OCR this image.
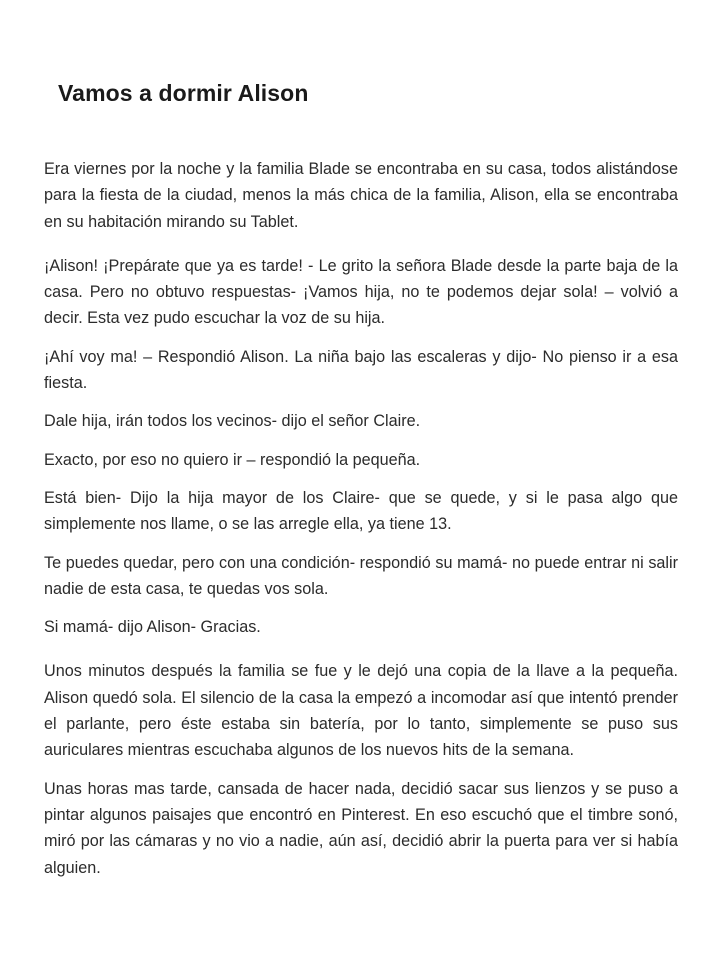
Vamos a dormir Alison

Era viernes por la noche y la familia Blade se encontraba en su casa, todos alistándose para la fiesta de la ciudad, menos la más chica de la familia, Alison, ella se encontraba en su habitación mirando su Tablet.

¡Alison! ¡Prepárate que ya es tarde! - Le grito la señora Blade desde la parte baja de la casa. Pero no obtuvo respuestas- ¡Vamos hija, no te podemos dejar sola! – volvió a decir. Esta vez pudo escuchar la voz de su hija.

¡Ahí voy ma! – Respondió Alison. La niña bajo las escaleras y dijo- No pienso ir a esa fiesta.

Dale hija, irán todos los vecinos- dijo el señor Claire.

Exacto, por eso no quiero ir – respondió la pequeña.

Está bien- Dijo la hija mayor de los Claire- que se quede, y si le pasa algo que simplemente nos llame, o se las arregle ella, ya tiene 13.

Te puedes quedar, pero con una condición- respondió su mamá- no puede entrar ni salir nadie de esta casa, te quedas vos sola.

Si mamá- dijo Alison- Gracias.

Unos minutos después la familia se fue y le dejó una copia de la llave a la pequeña. Alison quedó sola. El silencio de la casa la empezó a incomodar así que intentó prender el parlante, pero éste estaba sin batería, por lo tanto, simplemente se puso sus auriculares mientras escuchaba algunos de los nuevos hits de la semana.

Unas horas mas tarde, cansada de hacer nada, decidió sacar sus lienzos y se puso a pintar algunos paisajes que encontró en Pinterest. En eso escuchó que el timbre sonó, miró por las cámaras y no vio a nadie, aún así, decidió abrir la puerta para ver si había alguien.
